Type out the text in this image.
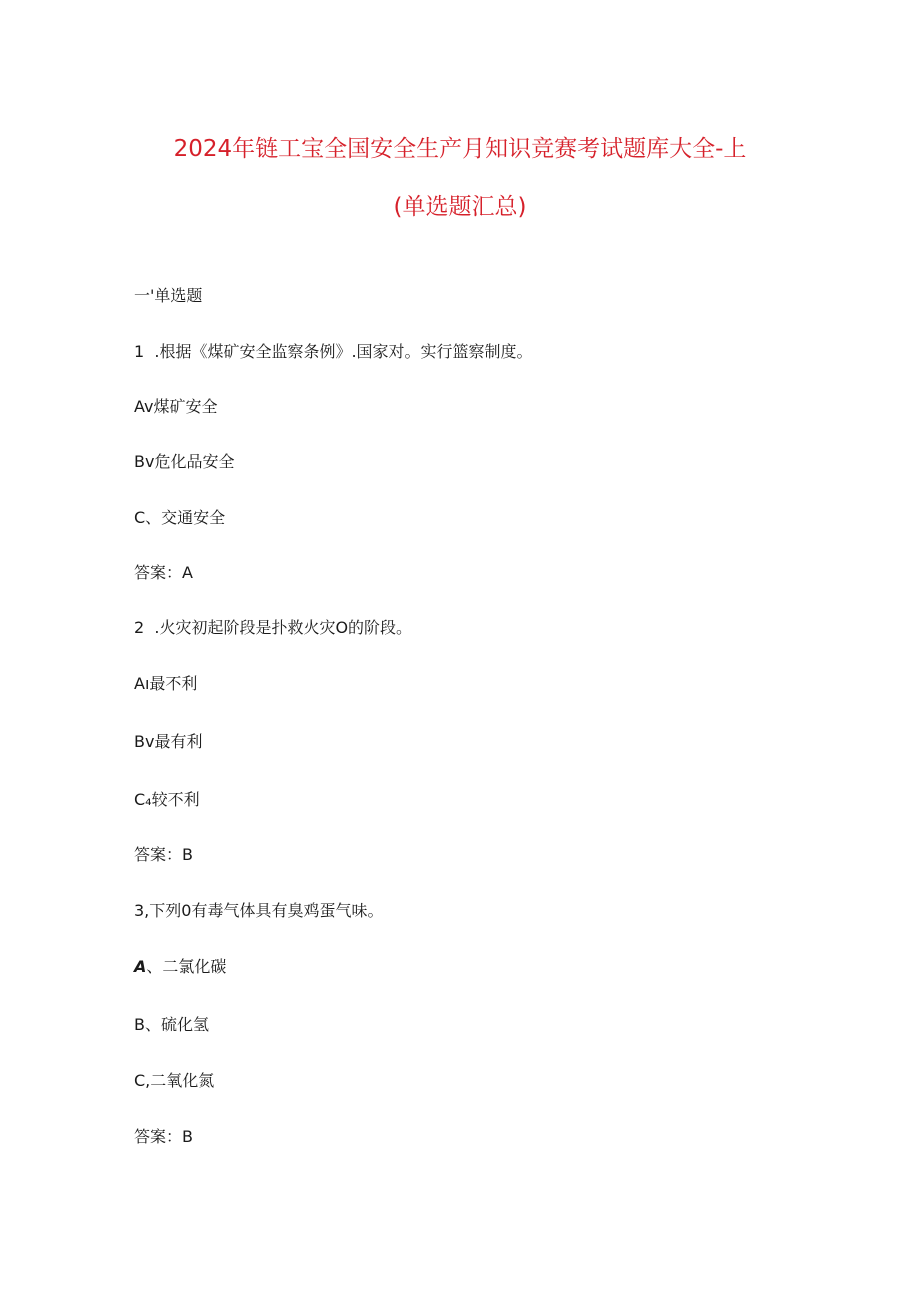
2024年链工宝全国安全生产月知识竞赛考试题库大全-上
(单选题汇总)
一'单选题
1  .根据《煤矿安全监察条例》.国家对。实行篮察制度。
Av煤矿安全
Bv危化品安全
C、交通安全
答案：A
2  .火灾初起阶段是扑救火灾O的阶段。
Aı最不利
Bv最有利
C₄较不利
答案：B
3,下列0有毒气体具有臭鸡蛋气味。
A、二氯化碳
B、硫化氢
C,二氧化氮
答案：B
